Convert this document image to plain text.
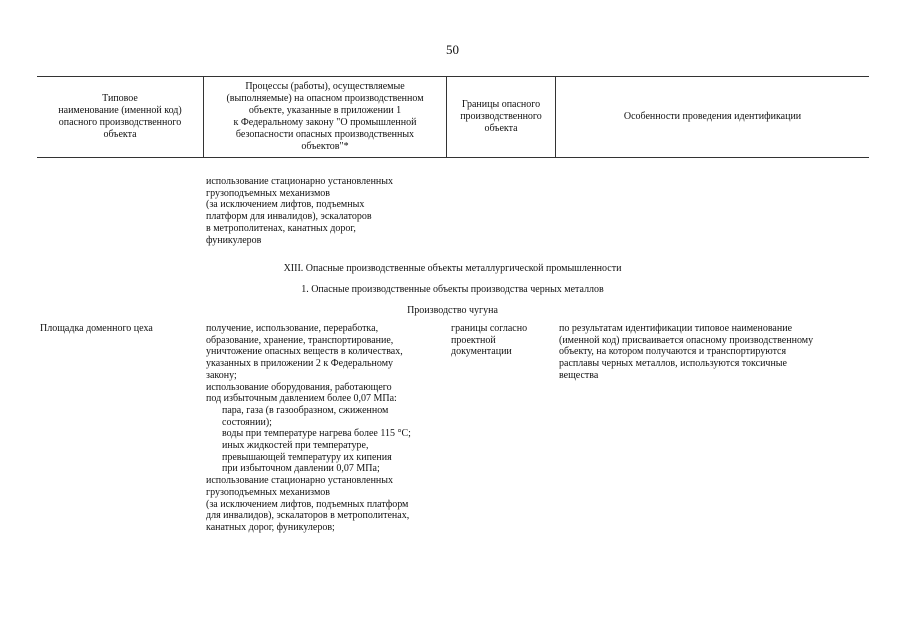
50
Типовое
наименование (именной код)
опасного производственного
объекта
Процессы (работы), осуществляемые
(выполняемые) на опасном производственном
объекте, указанные в приложении 1
к Федеральному закону "О промышленной
безопасности опасных производственных
объектов"*
Границы опасного
производственного
объекта
Особенности проведения идентификации
использование стационарно установленных
грузоподъемных механизмов
(за исключением лифтов, подъемных
платформ для инвалидов), эскалаторов
в метрополитенах, канатных дорог,
фуникулеров
XIII. Опасные производственные объекты металлургической промышленности
1. Опасные производственные объекты производства черных металлов
Производство чугуна
Площадка доменного цеха	получение, использование, переработка,
образование, хранение, транспортирование,
уничтожение опасных веществ в количествах,
указанных в приложении 2 к Федеральному
закону;
использование оборудования, работающего
под избыточным давлением более 0,07 МПа:
пара, газа (в газообразном, сжиженном
состоянии);
воды при температуре нагрева более 115 °С;
иных жидкостей при температуре,
превышающей температуру их кипения
при избыточном давлении 0,07 МПа;
использование стационарно установленных
грузоподъемных механизмов
(за исключением лифтов, подъемных платформ
для инвалидов), эскалаторов в метрополитенах,
канатных дорог, фуникулеров;
границы согласно
проектной
документации
по результатам идентификации типовое наименование
(именной код) присваивается опасному производственному
объекту, на котором получаются и транспортируются
расплавы черных металлов, используются токсичные
вещества
